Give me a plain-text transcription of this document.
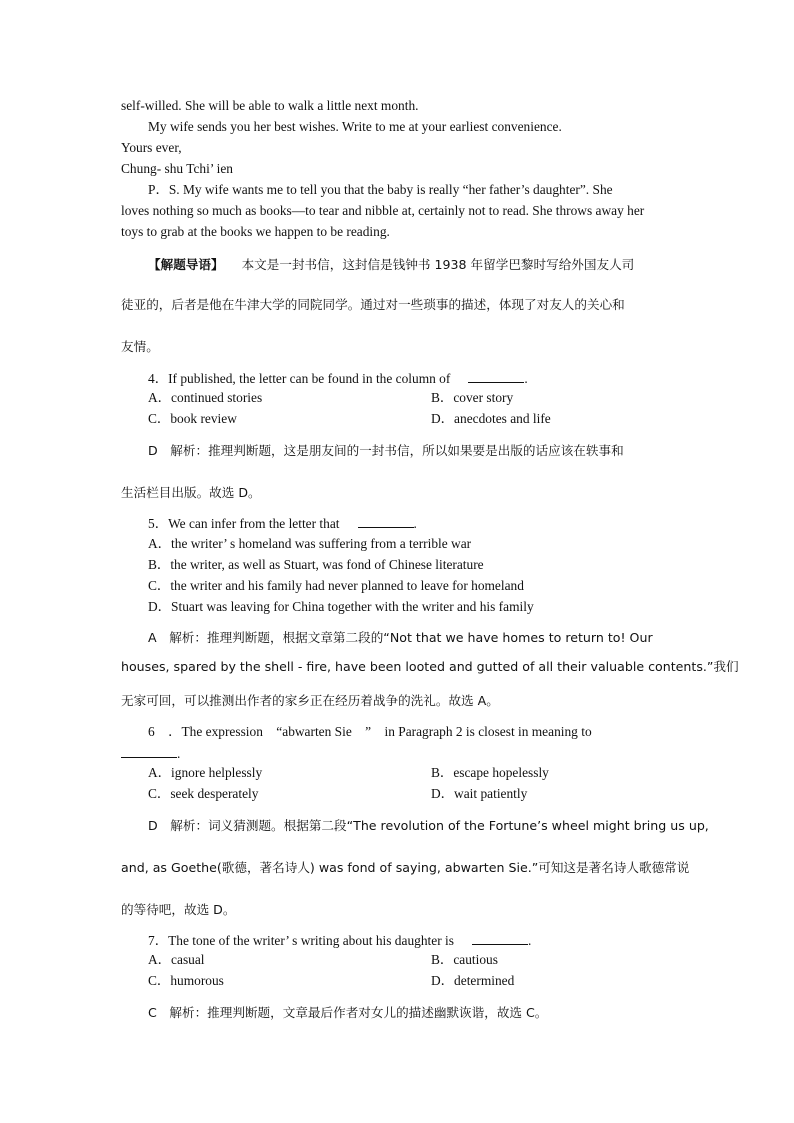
self-willed. She will be able to walk a little next month.
My wife sends you her best wishes. Write to me at your earliest convenience.
Yours ever,
Chung- shu Tchi’ ien
P．S. My wife wants me to tell you that the baby is really “her father’s daughter”. She
loves nothing so much as books—to tear and nibble at, certainly not to read. She throws away her
toys to grab at the books we happen to be reading.
【解题导语】 本文是一封书信，这封信是钱钟书 1938 年留学巴黎时写给外国友人司
徒亚的，后者是他在牛津大学的同院同学。通过对一些琐事的描述，体现了对友人的关心和
友情。
4．If published, the letter can be found in the column of	.
A．continued stories	B．cover story
C．book review	D．anecdotes and life
D　解析：推理判断题，这是朋友间的一封书信，所以如果要是出版的话应该在轶事和
生活栏目出版。故选 D。
5．We can infer from the letter that	.
A．the writer’ s homeland was suffering from a terrible war
B．the writer, as well as Stuart, was fond of Chinese literature
C．the writer and his family had never planned to leave for homeland
D．Stuart was leaving for China together with the writer and his family
A　解析：推理判断题，根据文章第二段的“Not that we have homes to return to! Our
houses, spared by the shell - fire, have been looted and gutted of all their valuable contents.”我们
无家可回，可以推测出作者的家乡正在经历着战争的洗礼。故选 A。
6　．The expression　“abwarten Sie　”　in Paragraph 2 is closest in meaning to
.
A．ignore helplessly	B．escape hopelessly
C．seek desperately	D．wait patiently
D　解析：词义猜测题。根据第二段“The revolution of the Fortune’s wheel might bring us up,
and, as Goethe(歌德，著名诗人) was fond of saying, abwarten Sie.”可知这是著名诗人歌德常说
的等待吧，故选 D。
7．The tone of the writer’ s writing about his daughter is	.
A．casual	B．cautious
C．humorous	D．determined
C　解析：推理判断题，文章最后作者对女儿的描述幽默诙谐，故选 C。
